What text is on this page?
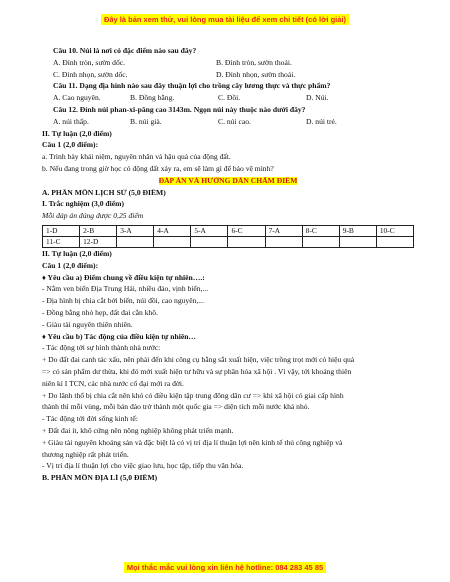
Đây là bản xem thử, vui lòng mua tài liệu để xem chi tiết (có lời giải)
Câu 10. Núi là nơi có đặc điểm nào sau đây?
A. Đỉnh tròn, sườn dốc.	B. Đỉnh tròn, sườn thoải.
C. Đỉnh nhọn, sườn dốc.	D. Đỉnh nhọn, sườn thoải.
Câu 11. Dạng địa hình nào sau đây thuận lợi cho trồng cây lương thực và thực phẩm?
A. Cao nguyên.	B. Đồng bằng.	C. Đồi.	D. Núi.
Câu 12. Đỉnh núi phan-xi-păng cao 3143m. Ngọn núi này thuộc nào dưới đây?
A. núi thấp.	B. núi già.	C. núi cao.	D. núi trẻ.
II. Tự luận (2,0 điểm)
Câu 1 (2,0 điểm):
a. Trình bày khái niệm, nguyên nhân và hậu quả của động đất.
b. Nếu đang trong giờ học có động đất xảy ra, em sẽ làm gì để bảo vệ mình?
ĐÁP ÁN VÀ HƯỚNG DẪN CHẤM ĐIỂM
A. PHÂN MÔN LỊCH SỬ (5,0 ĐIỂM)
I. Trắc nghiệm (3,0 điểm)
Mỗi đáp án đúng được 0,25 điểm
1-D	2-B	3-A	4-A	5-A	6-C	7-A	8-C	9-B	10-C
11-C	12-D								
II. Tự luận (2,0 điểm)
Câu 1 (2,0 điểm):
♦ Yêu cầu a) Điểm chung về điều kiện tự nhiên….:
- Nằm ven biển Địa Trung Hải, nhiều đảo, vịnh biển,...
- Địa hình bị chia cắt bởi biển, núi đồi, cao nguyên,...
- Đồng bằng nhỏ hẹp, đất đai cằn khô.
- Giàu tài nguyên thiên nhiên.
♦ Yêu cầu b) Tác động của điều kiện tự nhiên…
- Tác động tới sự hình thành nhà nước:
+ Do đất đai canh tác xấu, nên phải đến khi công cụ bằng sắt xuất hiện, việc trồng trọt mới có hiệu quả
=> có sản phẩm dư thừa, khi đó mới xuất hiện tư hữu và sự phân hóa xã hội . Vì vậy, tới khoảng thiên
niên kỉ I TCN, các nhà nước cổ đại mới ra đời.
+ Do lãnh thổ bị chia cắt nên khó có điều kiện tập trung đông dân cư => khi xã hội có giai cấp hình
thành thì mỗi vùng, mỗi bán đảo trở thành một quốc gia => diện tích mỗi nước khá nhỏ.
- Tác động tới đời sống kinh tế:
+ Đất đai ít, khô cứng nên nông nghiệp không phát triển mạnh.
+ Giàu tài nguyên khoáng sản và đặc biệt là có vị trí địa lí thuận lợi nên kinh tế thủ công nghiệp và
thương nghiệp rất phát triển.
- Vị trí địa lí thuận lợi cho việc giao lưu, học tập, tiếp thu văn hóa.
B. PHÂN MÔN ĐỊA LÍ (5,0 ĐIỂM)
Mọi thắc mắc vui lòng xin liên hệ hotline: 084 283 45 85
